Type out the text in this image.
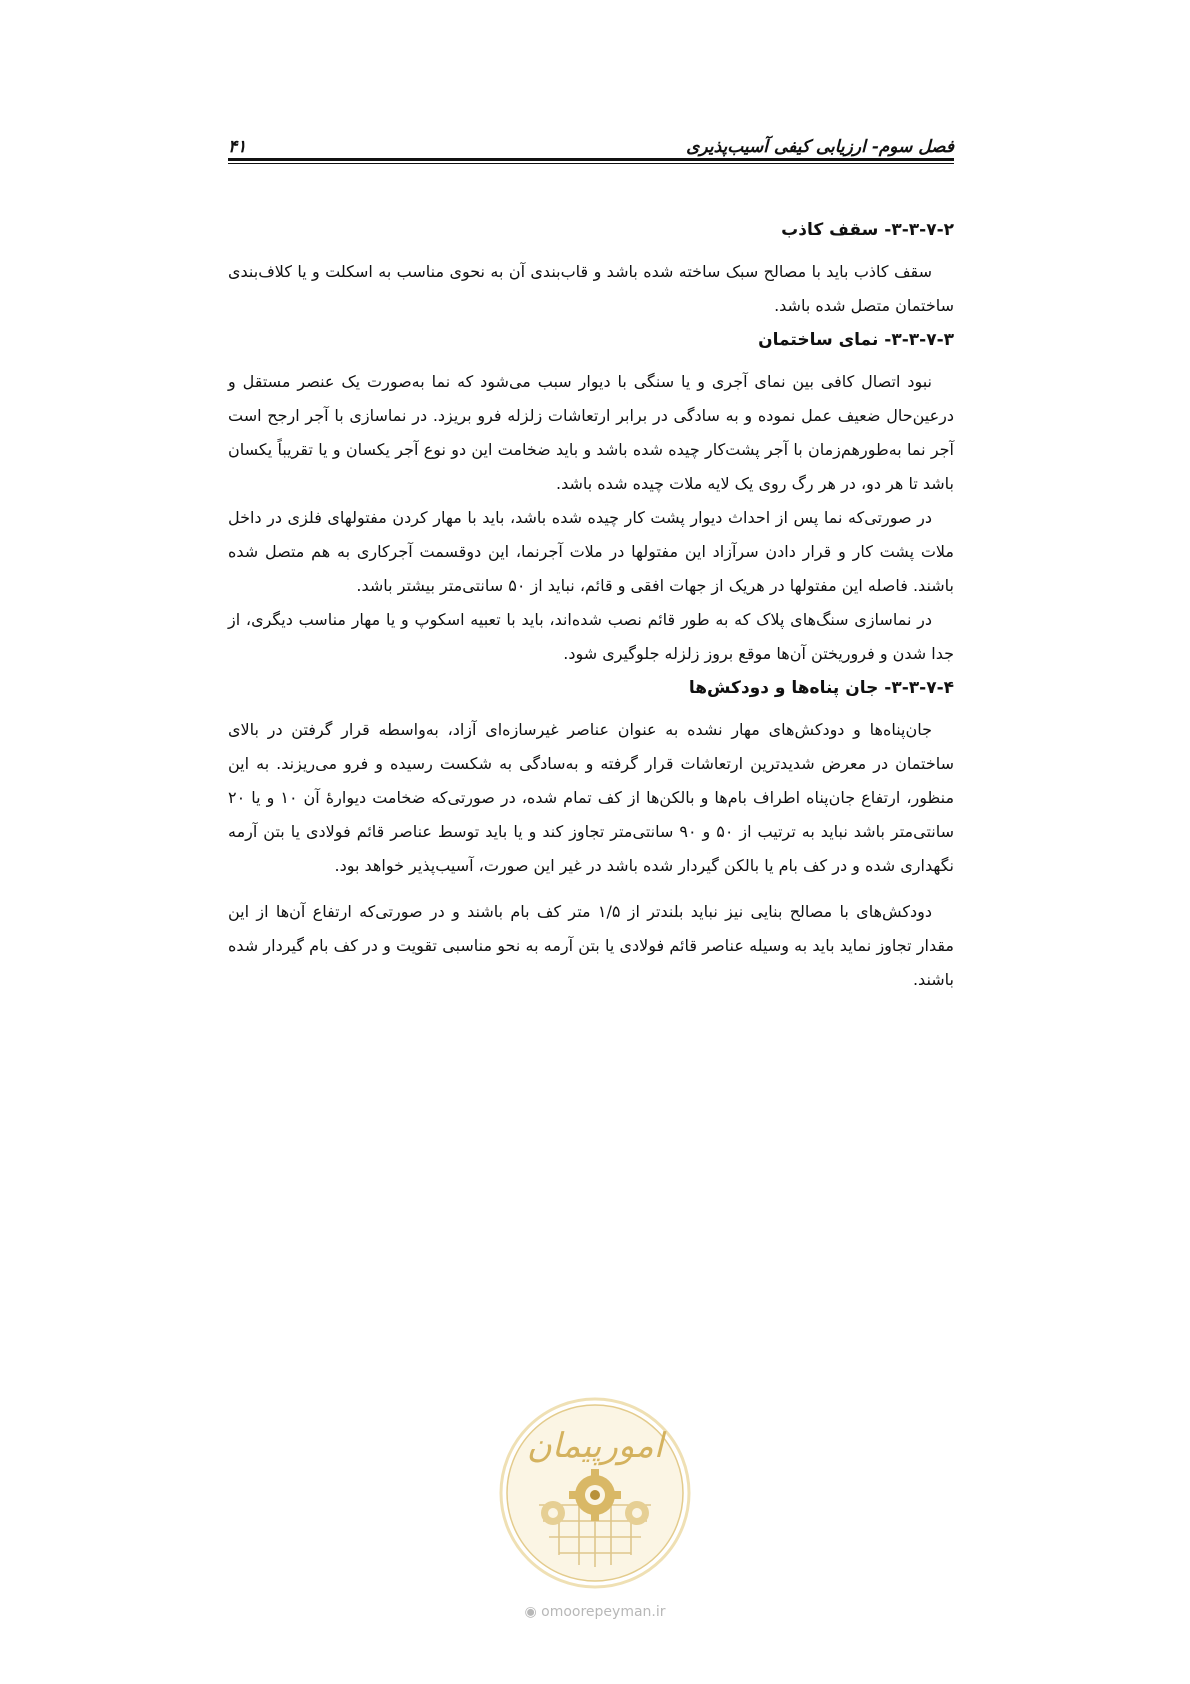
فصل سوم- ارزیابی کیفی آسیب‌پذیری
۴۱
۳-۳-۷-۲- سقف کاذب

سقف کاذب باید با مصالح سبک ساخته شده باشد و قاب‌بندی آن به نحوی مناسب به اسکلت و یا کلاف‌بندی ساختمان متصل شده باشد.

۳-۳-۷-۳- نمای ساختمان

نبود اتصال کافی بین نمای آجری و یا سنگی با دیوار سبب می‌شود که نما به‌صورت یک عنصر مستقل و درعین‌حال ضعیف عمل نموده و به سادگی در برابر ارتعاشات زلزله فرو بریزد. در نماسازی با آجر ارجح است آجر نما به‌طورهم‌زمان با آجر پشت‌کار چیده شده باشد و باید ضخامت این دو نوع آجر یکسان و یا تقریباً یکسان باشد تا هر دو، در هر رگ روی یک لایه ملات چیده شده باشد.

در صورتی‌که نما پس از احداث دیوار پشت کار چیده شده باشد، باید با مهار کردن مفتولهای فلزی در داخل ملات پشت کار و قرار دادن سرآزاد این مفتولها در ملات آجرنما، این دوقسمت آجرکاری به هم متصل شده باشند. فاصله این مفتولها در هریک از جهات افقی و قائم، نباید از ۵۰ سانتی‌متر بیشتر باشد.

در نماسازی سنگ‌های پلاک که به طور قائم نصب شده‌اند، باید با تعبیه اسکوپ و یا مهار مناسب دیگری، از جدا شدن و فروریختن آن‌ها موقع بروز زلزله جلوگیری شود.

۳-۳-۷-۴- جان پناه‌ها و دودکش‌ها

جان‌پناه‌ها و دودکش‌های مهار نشده به عنوان عناصر غیرسازه‌ای آزاد، به‌واسطه قرار گرفتن در بالای ساختمان در معرض شدیدترین ارتعاشات قرار گرفته و به‌سادگی به شکست رسیده و فرو می‌ریزند. به این منظور، ارتفاع جان‌پناه اطراف بام‌ها و بالکن‌ها از کف تمام شده، در صورتی‌که ضخامت دیوارهٔ آن ۱۰ و یا ۲۰ سانتی‌متر باشد نباید به ترتیب از ۵۰ و ۹۰ سانتی‌متر تجاوز کند و یا باید توسط عناصر قائم فولادی یا بتن آرمه نگهداری شده و در کف بام یا بالکن گیردار شده باشد در غیر این صورت، آسیب‌پذیر خواهد بود.

دودکش‌های با مصالح بنایی نیز نباید بلندتر از ۱/۵ متر کف بام باشند و در صورتی‌که ارتفاع آن‌ها از این مقدار تجاوز نماید باید به وسیله عناصر قائم فولادی یا بتن آرمه به نحو مناسبی تقویت و در کف بام گیردار شده باشند.

امورپیمان
◉ omoorepeyman.ir
